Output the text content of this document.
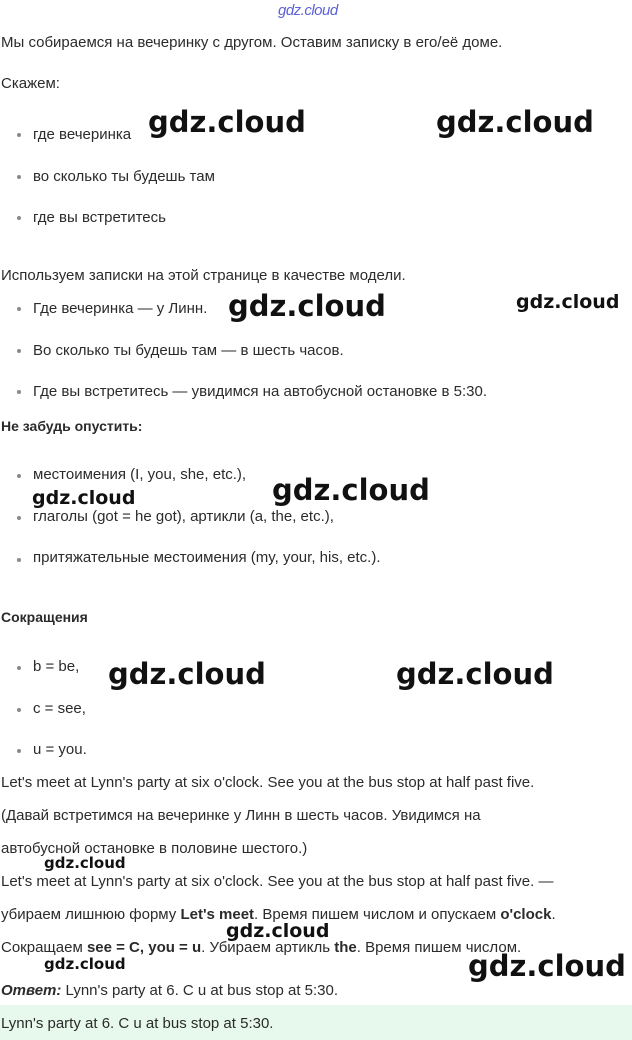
gdz.cloud
Мы собираемся на вечеринку с другом. Оставим записку в его/её доме.
Скажем:
где вечеринка
во сколько ты будешь там
где вы встретитесь
Используем записки на этой странице в качестве модели.
Где вечеринка — у Линн.
Во сколько ты будешь там — в шесть часов.
Где вы встретитесь — увидимся на автобусной остановке в 5:30.
Не забудь опустить:
местоимения (I, you, she, etc.),
глаголы (got = he got), артикли (a, the, etc.),
притяжательные местоимения (my, your, his, etc.).
Сокращения
b = be,
c = see,
u = you.
Let's meet at Lynn's party at six o'clock. See you at the bus stop at half past five.
(Давай встретимся на вечеринке у Линн в шесть часов. Увидимся на
автобусной остановке в половине шестого.)
Let's meet at Lynn's party at six o'clock. See you at the bus stop at half past five. —
убираем лишнюю форму Let's meet. Время пишем числом и опускаем o'clock.
Сокращаем see = C, you = u. Убираем артикль the. Время пишем числом.
Ответ: Lynn's party at 6. C u at bus stop at 5:30.
Lynn's party at 6. C u at bus stop at 5:30.
gdz.cloud	gdz.cloud
gdz.cloud	gdz.cloud
gdz.cloud	gdz.cloud
gdz.cloud	gdz.cloud
gdz.cloud
gdz.cloud
gdz.cloud	gdz.cloud
